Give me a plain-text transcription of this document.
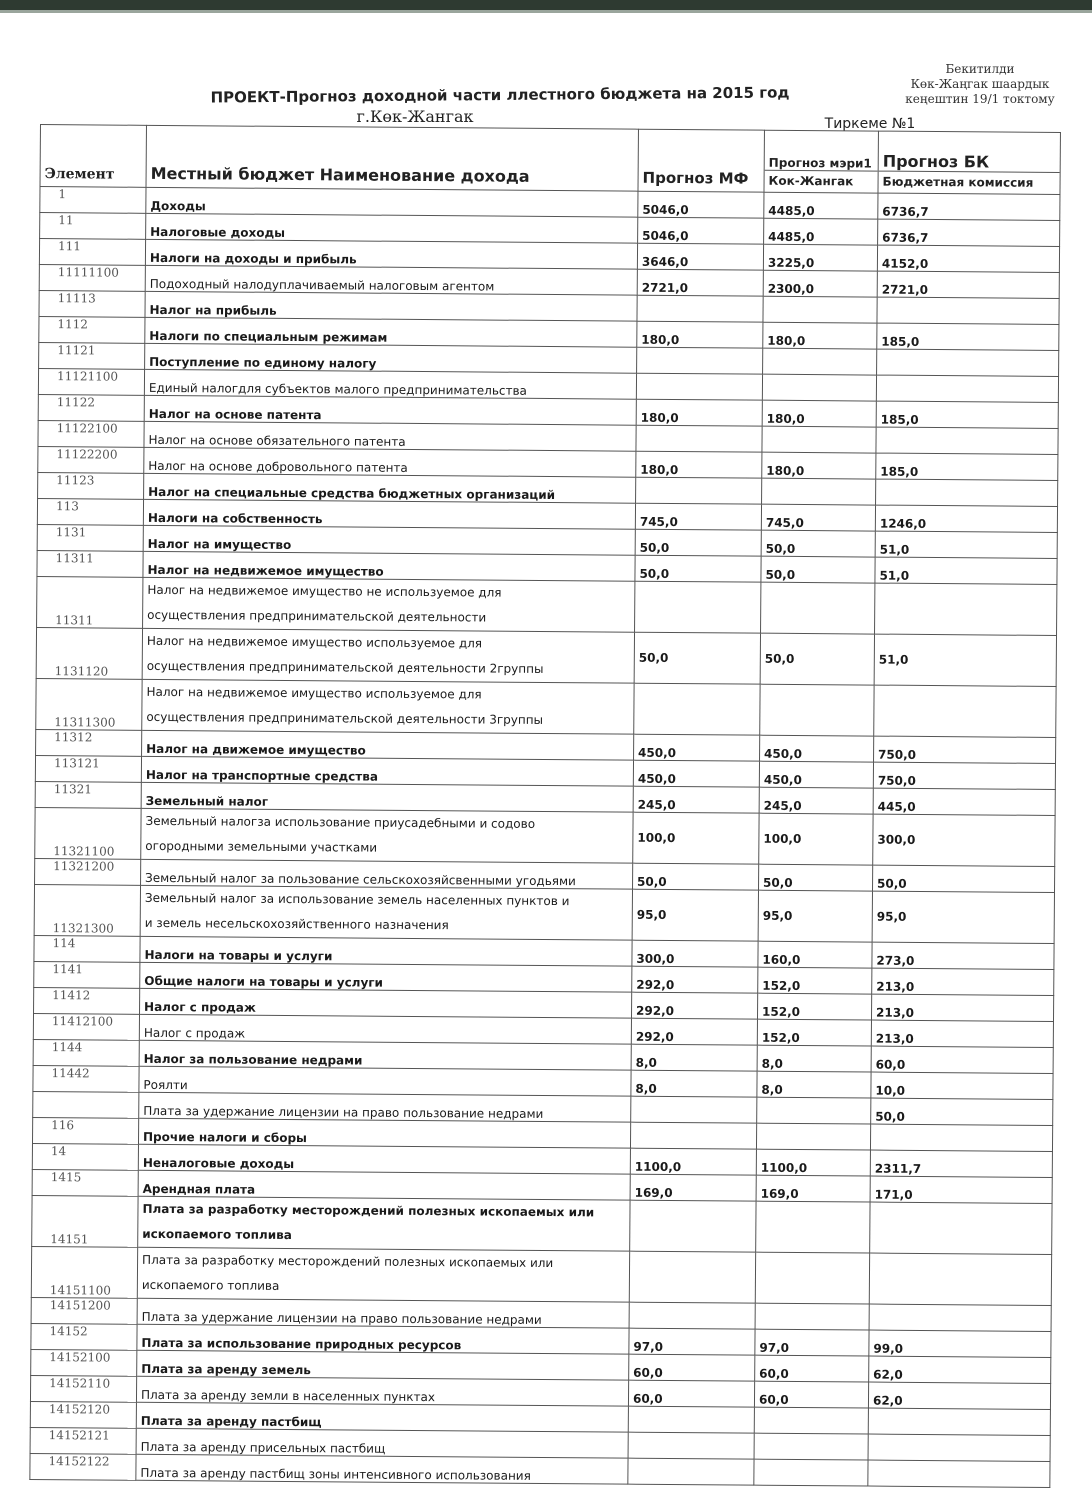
Бекитилди
Көк-Жаңгак шаардык
кеңештин 19/1 токтому
ПРОЕКТ-Прогноз доходной части ллестного бюджета на 2015 год
г.Көк-Жангак	Тиркеме №1
Элемент	Местный бюджет Наименование дохода	Прогноз МФ	Прогноз мэри1
Кок-Жангак	Прогноз БК
Бюджетная комиссия

1	Доходы	5046,0	4485,0	6736,7
11	Налоговые доходы	5046,0	4485,0	6736,7
111	Налоги на доходы и прибыль	3646,0	3225,0	4152,0
11111100	Подоходный налодуплачиваемый налоговым агентом	2721,0	2300,0	2721,0
11113	Налог на прибыль			
1112	Налоги по специальным режимам	180,0	180,0	185,0
11121	Поступление по единому налогу			
11121100	Единый налогдля субъектов малого предпринимательства			
11122	Налог на основе патента	180,0	180,0	185,0
11122100	Налог на основе обязательного патента			
11122200	Налог на основе добровольного патента	180,0	180,0	185,0
11123	Налог на специальные средства бюджетных организаций			
113	Налоги на собственность	745,0	745,0	1246,0
1131	Налог на имущество	50,0	50,0	51,0
11311	Налог на недвижемое имущество	50,0	50,0	51,0
11311	Налог на недвижемое имущество не используемое для
осуществления предпринимательской деятельности			

1131120	Налог на недвижемое имущество используемое для
осуществления предпринимательской деятельности 2группы	50,0	50,0	51,0
11311300	Налог на недвижемое имущество используемое для
осуществления предпринимательской деятельности 3группы			

11312	Налог на движемое имущество	450,0	450,0	750,0
113121	Налог на транспортные средства	450,0	450,0	750,0
11321	Земельный налог	245,0	245,0	445,0
11321100	Земельный налогза использование приусадебными и содово
огородными земельными участками	100,0	100,0	300,0
11321200	Земельный налог за пользование сельскохозяйсвенными угодьями	50,0	50,0	50,0
11321300	Земельный налог за использование земель населенных пунктов и
и земель несельскохозяйственного назначения	95,0	95,0	95,0
114	Налоги на товары и услуги	300,0	160,0	273,0
1141	Общие налоги на товары и услуги	292,0	152,0	213,0
11412	Налог с продаж	292,0	152,0	213,0
11412100	Налог с продаж	292,0	152,0	213,0
1144	Налог за пользование недрами	8,0	8,0	60,0
11442	Роялти	8,0	8,0	10,0
	Плата за удержание лицензии на право пользование недрами			50,0
116	Прочие налоги и сборы			
14	Неналоговые доходы	1100,0	1100,0	2311,7
1415	Арендная плата	169,0	169,0	171,0
14151	Плата за разработку месторождений полезных ископаемых или
ископаемого топлива			

14151100	Плата за разработку месторождений полезных ископаемых или
ископаемого топлива			

14151200	Плата за удержание лицензии на право пользование недрами			
14152	Плата за использование природных ресурсов	97,0	97,0	99,0
14152100	Плата за аренду земель	60,0	60,0	62,0
14152110	Плата за аренду земли в населенных пунктах	60,0	60,0	62,0
14152120	Плата за аренду пастбищ			
14152121	Плата за аренду присельных пастбищ			
14152122	Плата за аренду пастбищ зоны интенсивного использования			
